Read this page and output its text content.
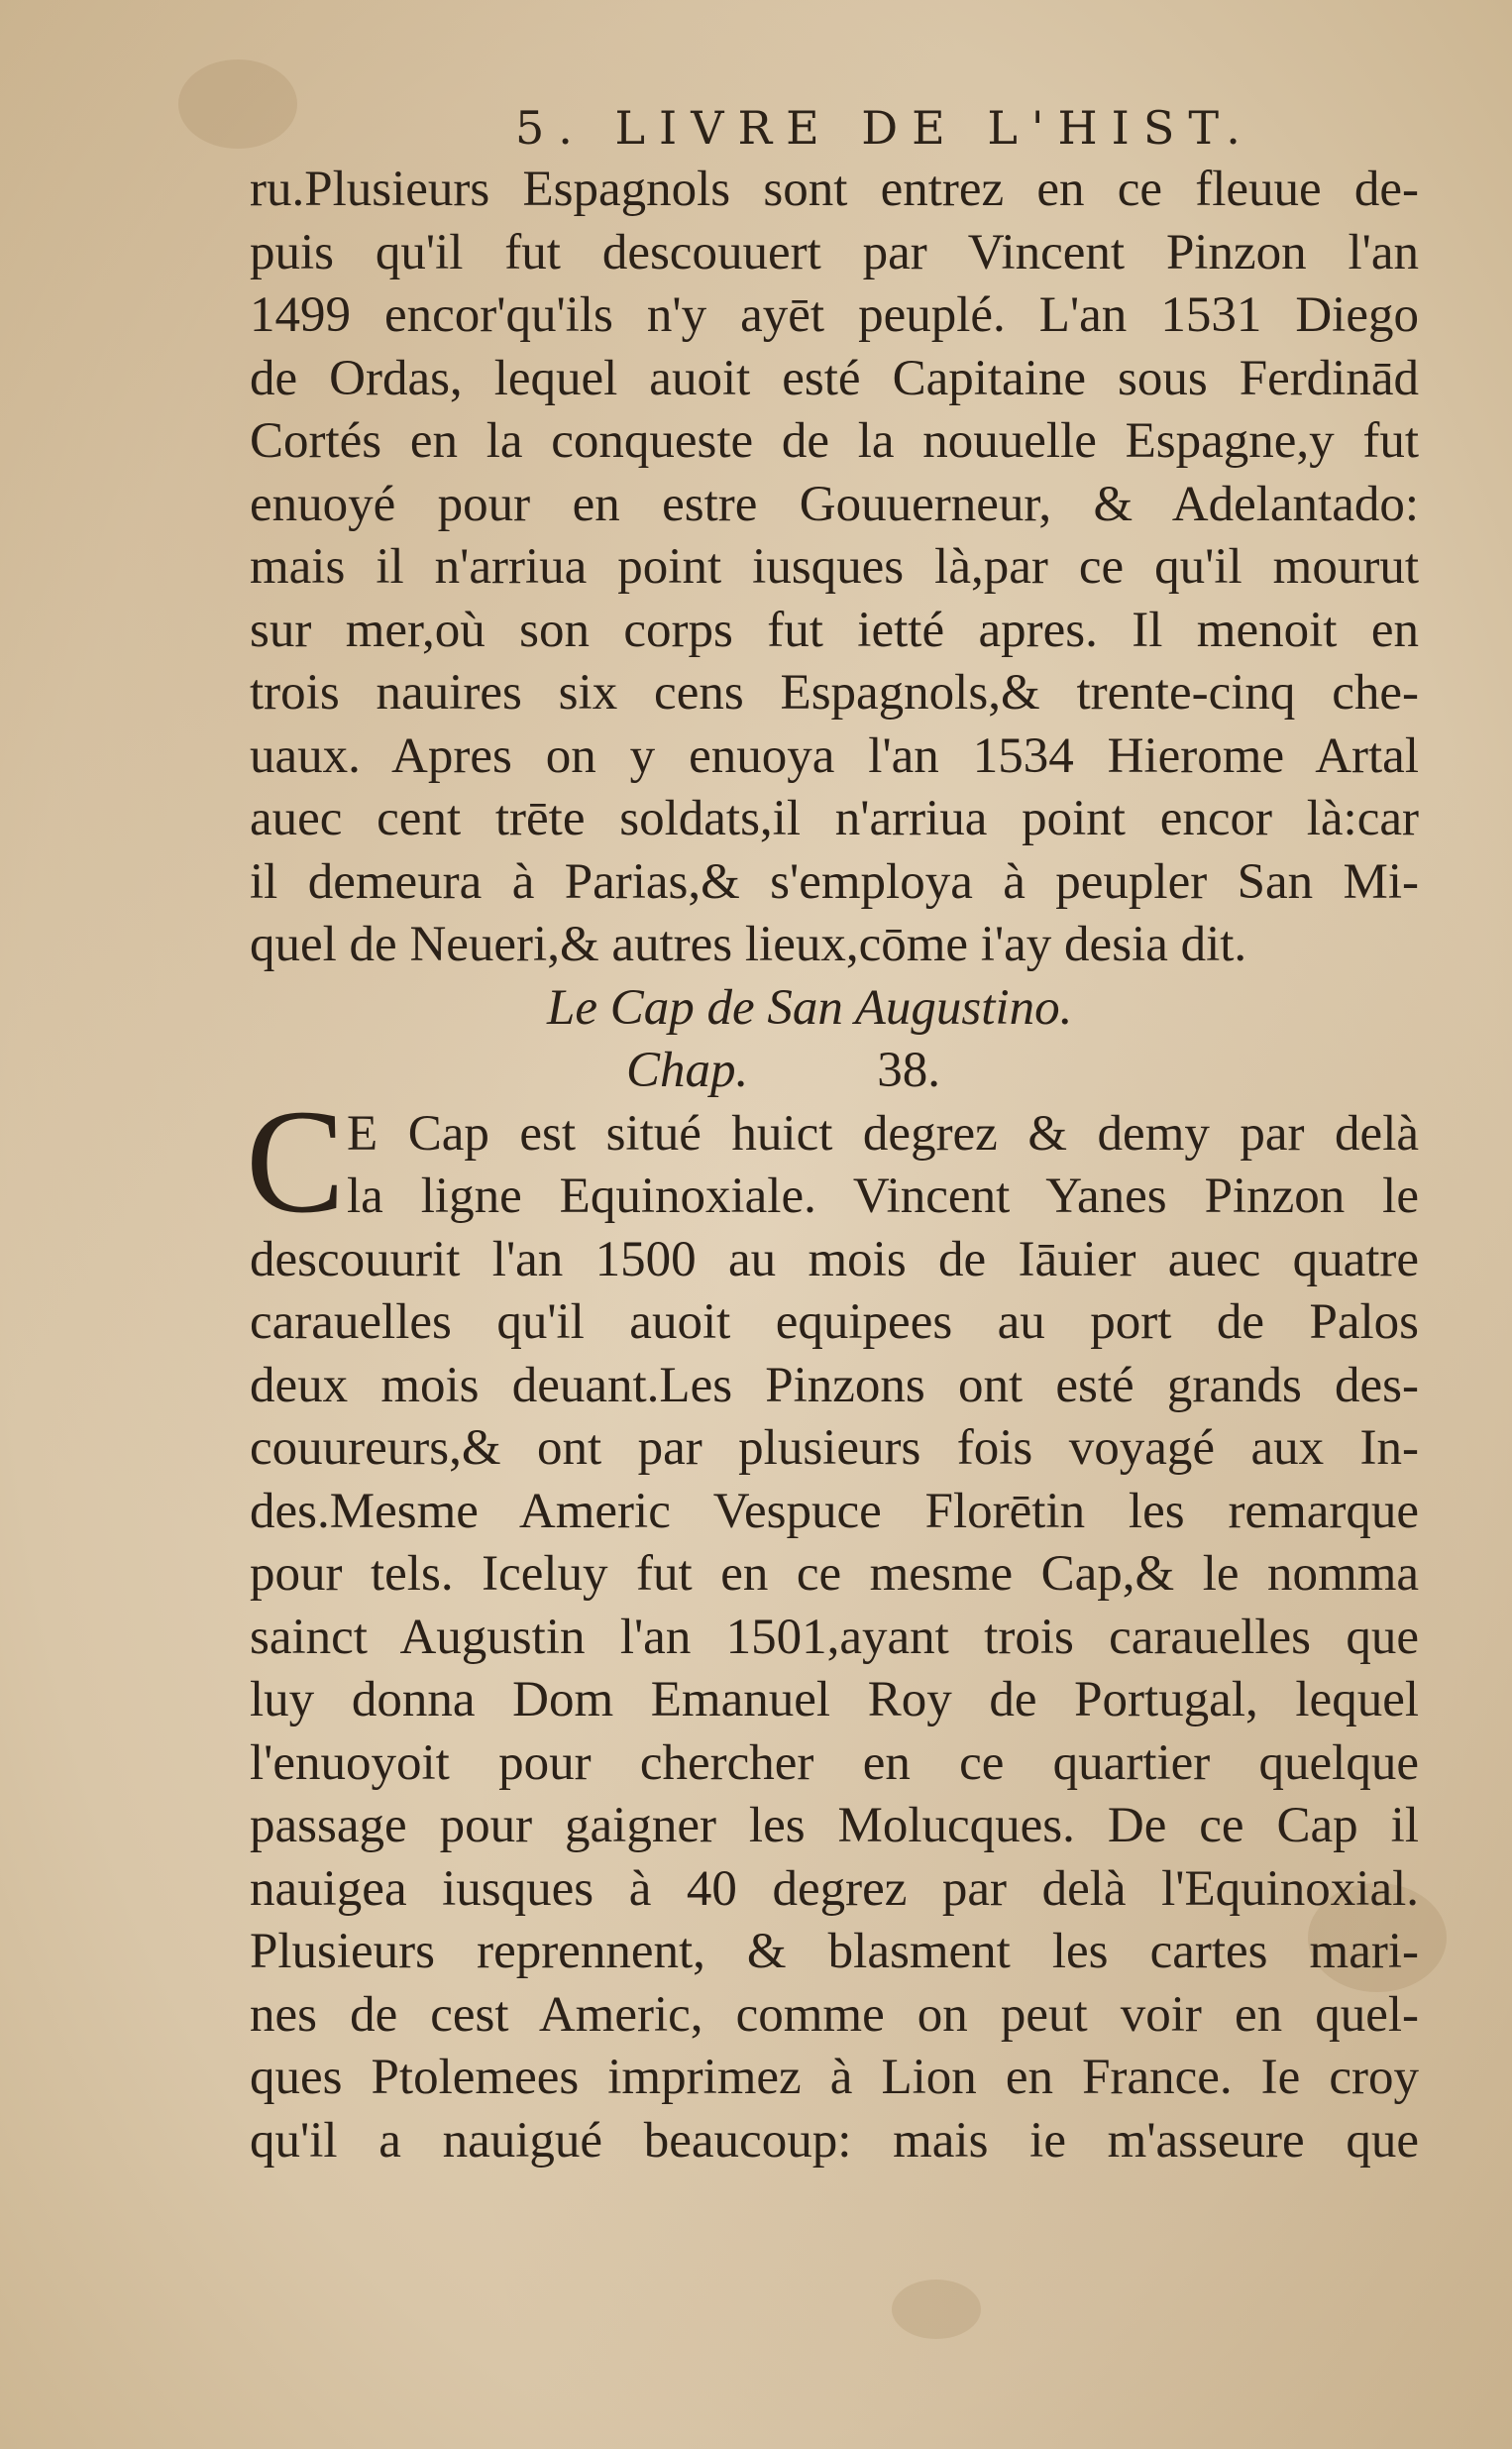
5. LIVRE DE L'HIST.
ru.Plusieurs Espagnols sont entrez en ce fleuue de-
puis qu'il fut descouuert par Vincent Pinzon l'an
1499 encor'qu'ils n'y ayēt peuplé. L'an 1531 Diego
de Ordas, lequel auoit esté Capitaine sous Ferdinād
Cortés en la conqueste de la nouuelle Espagne,y fut
enuoyé pour en estre Gouuerneur, & Adelantado:
mais il n'arriua point iusques là,par ce qu'il mourut
sur mer,où son corps fut ietté apres. Il menoit en
trois nauires six cens Espagnols,& trente-cinq che-
uaux. Apres on y enuoya l'an 1534 Hierome Artal
auec cent trēte soldats,il n'arriua point encor là:car
il demeura à Parias,& s'employa à peupler San Mi-
quel de Neueri,& autres lieux,cōme i'ay desia dit.
Le Cap de San Augustino.
Chap.	38.
C E Cap est situé huict degrez & demy par delà
la ligne Equinoxiale. Vincent Yanes Pinzon le
descouurit l'an 1500 au mois de Iāuier auec quatre
carauelles qu'il auoit equipees au port de Palos
deux mois deuant.Les Pinzons ont esté grands des-
couureurs,& ont par plusieurs fois voyagé aux In-
des.Mesme Americ Vespuce Florētin les remarque
pour tels. Iceluy fut en ce mesme Cap,& le nomma
sainct Augustin l'an 1501,ayant trois carauelles que
luy donna Dom Emanuel Roy de Portugal, lequel
l'enuoyoit pour chercher en ce quartier quelque
passage pour gaigner les Molucques. De ce Cap il
nauigea iusques à 40 degrez par delà l'Equinoxial.
Plusieurs reprennent, & blasment les cartes mari-
nes de cest Americ, comme on peut voir en quel-
ques Ptolemees imprimez à Lion en France. Ie croy
qu'il a nauigué beaucoup: mais ie m'asseure que
